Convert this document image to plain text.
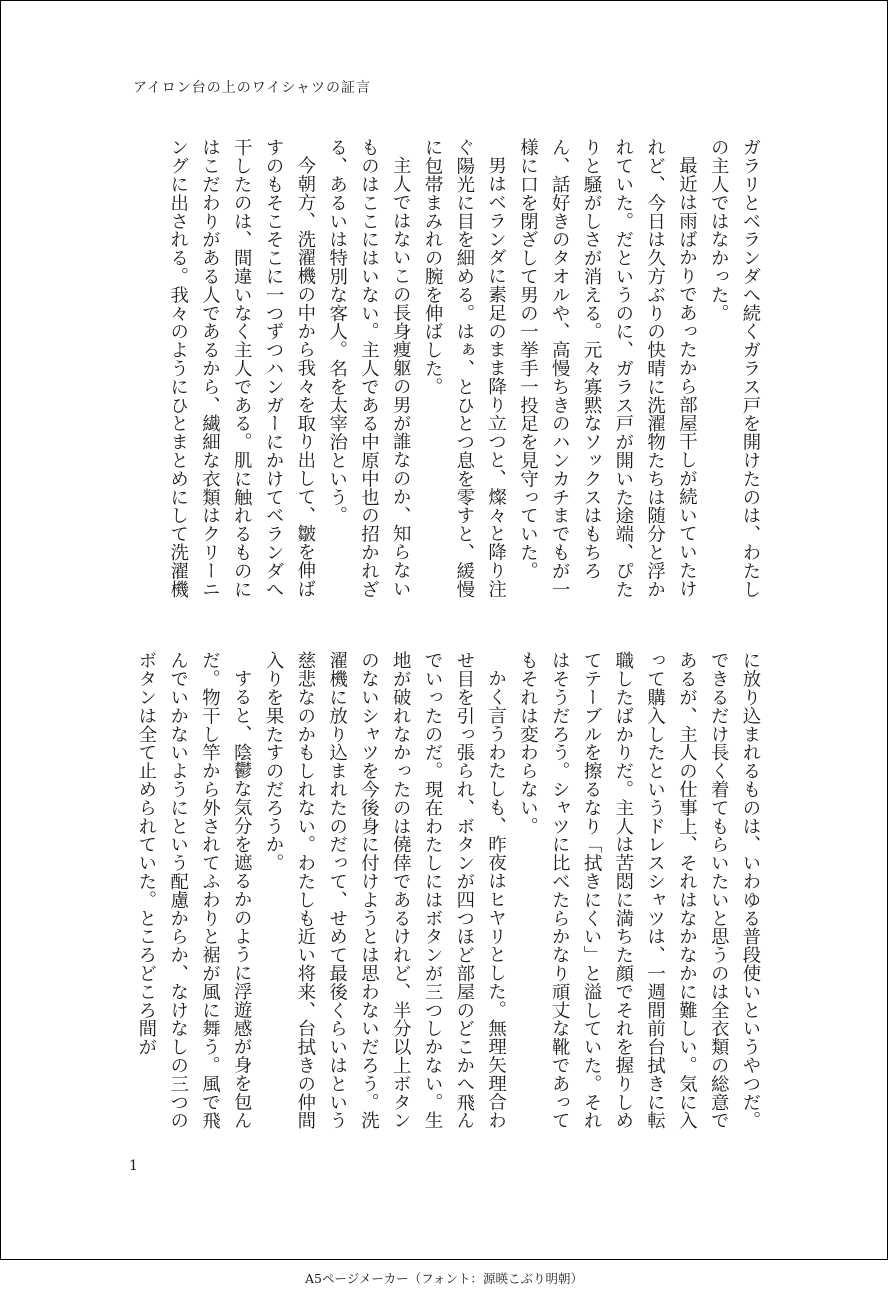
アイロン台の上のワイシャツの証言

ガラリとベランダへ続くガラス戸を開けたのは、わたしの主人ではなかった。

最近は雨ばかりであったから部屋干しが続いていたけれど、今日は久方ぶりの快晴に洗濯物たちは随分と浮かれていた。だというのに、ガラス戸が開いた途端、ぴたりと騒がしさが消える。元々寡黙なソックスはもちろん、話好きのタオルや、高慢ちきのハンカチまでもが一様に口を閉ざして男の一挙手一投足を見守っていた。

男はベランダに素足のまま降り立つと、燦々と降り注ぐ陽光に目を細める。はぁ、とひとつ息を零すと、緩慢に包帯まみれの腕を伸ばした。

主人ではないこの長身痩躯の男が誰なのか、知らないものはここにはいない。主人である中原中也の招かれざる、あるいは特別な客人。名を太宰治という。

今朝方、洗濯機の中から我々を取り出して、皺を伸ばすのもそこそこに一つずつハンガーにかけてベランダへ干したのは、間違いなく主人である。肌に触れるものにはこだわりがある人であるから、繊細な衣類はクリーニングに出される。我々のようにひとまとめにして洗濯機

に放り込まれるものは、いわゆる普段使いというやつだ。できるだけ長く着てもらいたいと思うのは全衣類の総意であるが、主人の仕事上、それはなかなかに難しい。気に入って購入したというドレスシャツは、一週間前台拭きに転職したばかりだ。主人は苦悶に満ちた顔でそれを握りしめてテーブルを擦るなり「拭きにくい」と溢していた。それはそうだろう。シャツに比べたらかなり頑丈な靴であってもそれは変わらない。

かく言うわたしも、昨夜はヒヤリとした。無理矢理合わせ目を引っ張られ、ボタンが四つほど部屋のどこかへ飛んでいったのだ。現在わたしにはボタンが三つしかない。生地が破れなかったのは僥倖であるけれど、半分以上ボタンのないシャツを今後身に付けようとは思わないだろう。洗濯機に放り込まれたのだって、せめて最後くらいはという慈悲なのかもしれない。わたしも近い将来、台拭きの仲間入りを果たすのだろうか。

すると、陰鬱な気分を遮るかのように浮遊感が身を包んだ。物干し竿から外されてふわりと裾が風に舞う。風で飛んでいかないようにという配慮からか、なけなしの三つのボタンは全て止められていた。ところどころ間が

1
A5ページメーカー（フォント：源暎こぶり明朝）
